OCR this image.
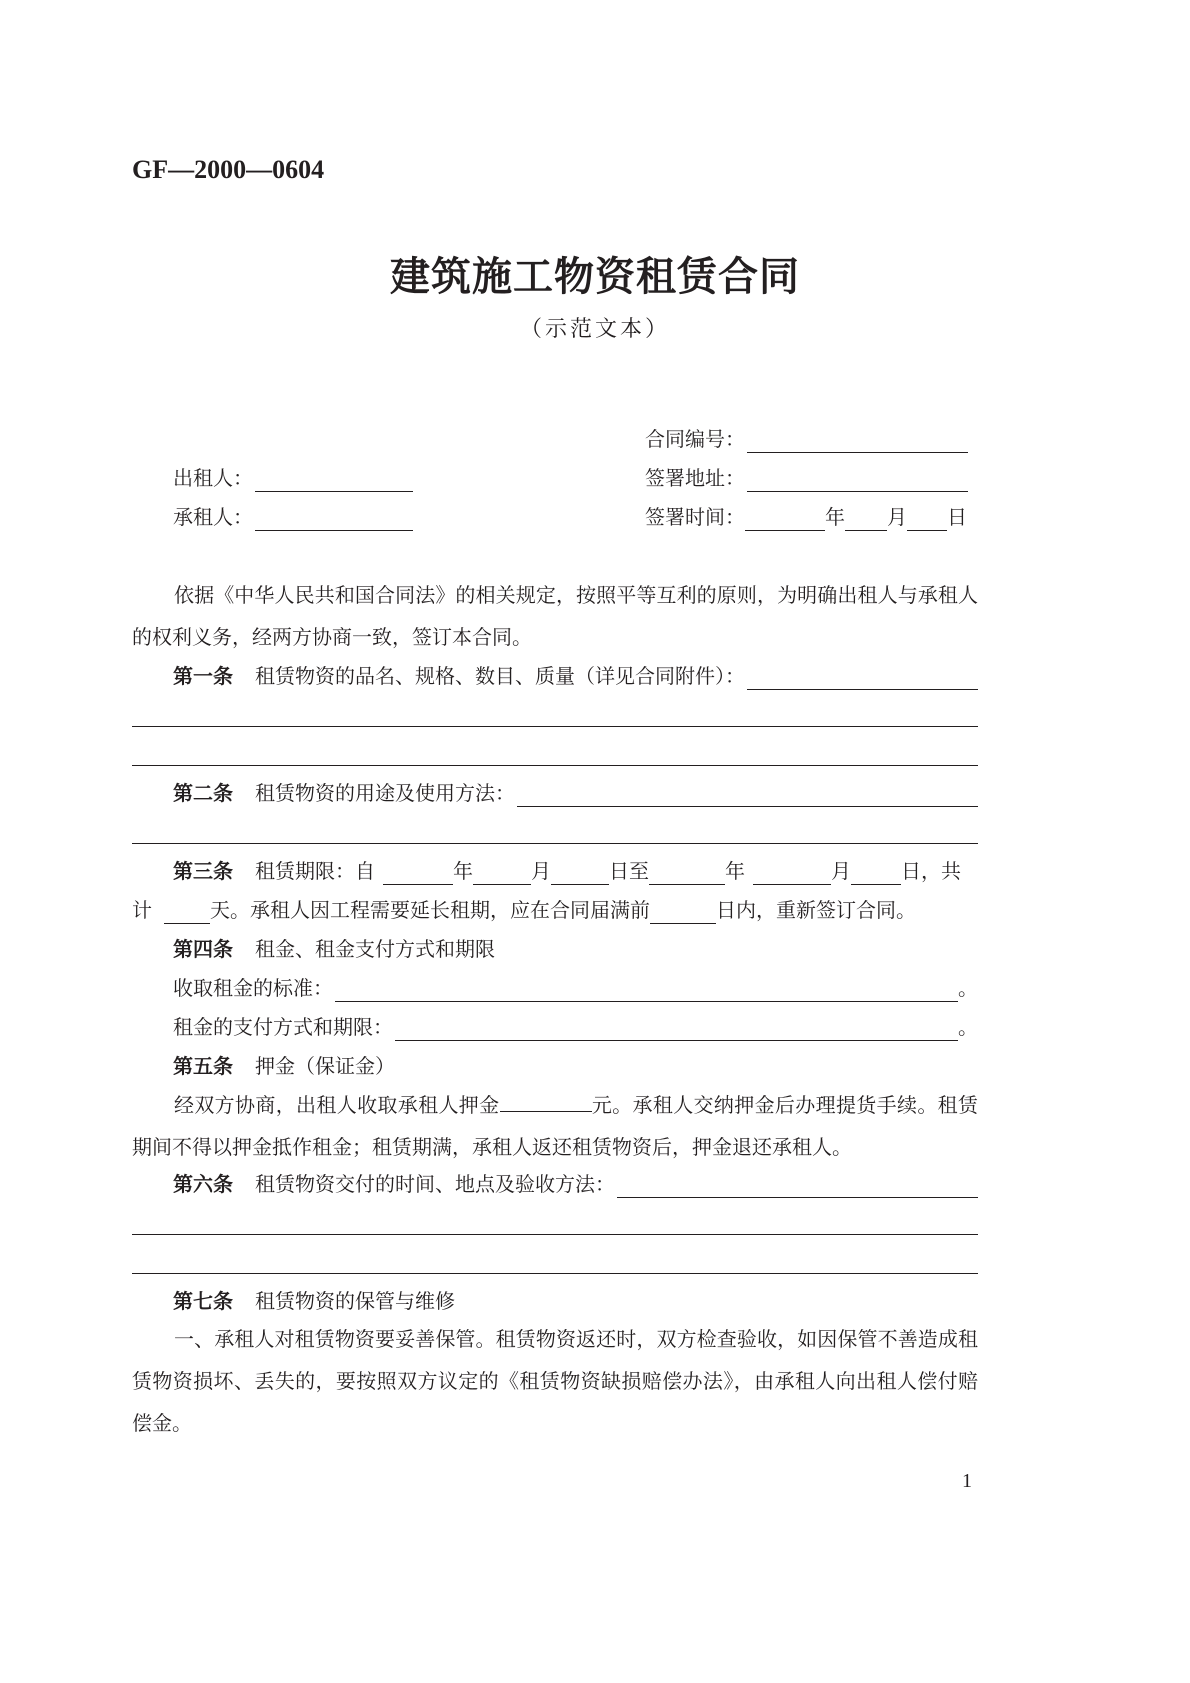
GF—2000—0604
建筑施工物资租赁合同
（示范文本）
合同编号：
出租人：	签署地址：
承租人：	签署时间：	年 月 日
依据《中华人民共和国合同法》的相关规定，按照平等互利的原则，为明确出租人与承租人的权利义务，经两方协商一致，签订本合同。
第一条 租赁物资的品名、规格、数目、质量（详见合同附件）：
第二条 租赁物资的用途及使用方法：
第三条 租赁期限：自	年	月	日至	年	月	日，共
计	天。承租人因工程需要延长租期，应在合同届满前	日内，重新签订合同。
第四条 租金、租金支付方式和期限
收取租金的标准：	。
租金的支付方式和期限：	。
第五条 押金（保证金）
经双方协商，出租人收取承租人押金	元。承租人交纳押金后办理提货手续。租赁期间不得以押金抵作租金；租赁期满，承租人返还租赁物资后，押金退还承租人。
第六条 租赁物资交付的时间、地点及验收方法：
第七条 租赁物资的保管与维修
一、承租人对租赁物资要妥善保管。租赁物资返还时，双方检查验收，如因保管不善造成租赁物资损坏、丢失的，要按照双方议定的《租赁物资缺损赔偿办法》，由承租人向出租人偿付赔偿金。
1
